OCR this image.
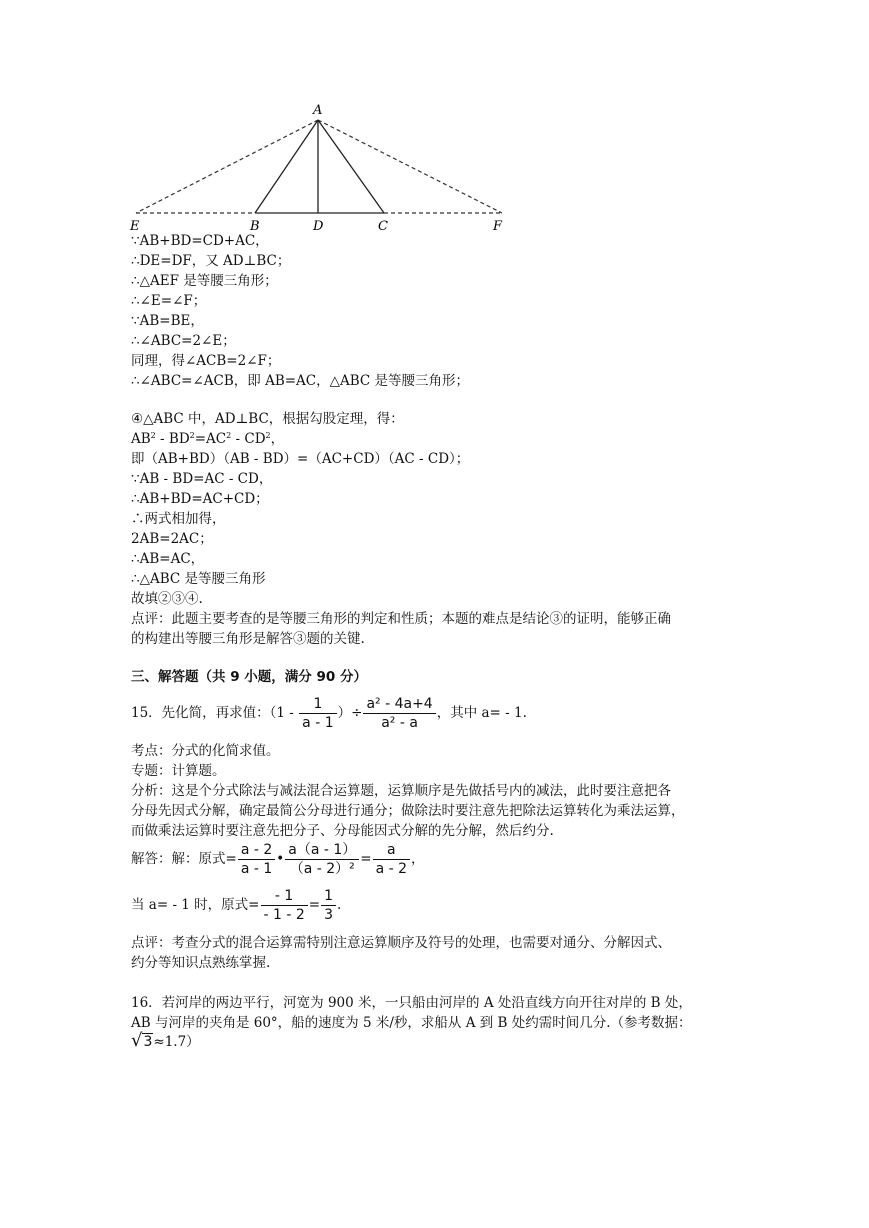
A
B	D	C
E	F
∵AB+BD=CD+AC，
∴DE=DF，又 AD⊥BC；
∴△AEF 是等腰三角形；
∴∠E=∠F；
∵AB=BE，
∴∠ABC=2∠E；
同理，得∠ACB=2∠F；
∴∠ABC=∠ACB，即 AB=AC，△ABC 是等腰三角形；
④△ABC 中，AD⊥BC，根据勾股定理，得：
$AB^2 - BD^2=AC^2 - CD^2$，
即（AB+BD）（AB - BD）=（AC+CD）（AC - CD）；
∵AB - BD=AC - CD，
∴AB+BD=AC+CD；
∴两式相加得，
2AB=2AC；
∴AB=AC，
∴△ABC 是等腰三角形
故填②③④.
点评：此题主要考查的是等腰三角形的判定和性质；本题的难点是结论③的证明，能够正确
的构建出等腰三角形是解答③题的关键.
三、解答题（共 9 小题，满分 90 分）
15．先化简，再求值：（$1 - \frac{1}{a - 1}$ ）÷ $\frac{\text{a² - 4a+4}}{\text{a² - a}}$ ，其中 a= - 1.
考点：分式的化简求值。
专题：计算题。
分析：这是个分式除法与减法混合运算题，运算顺序是先做括号内的减法，此时要注意把各
分母先因式分解，确定最简公分母进行通分；做除法时要注意先把除法运算转化为乘法运算，
而做乘法运算时要注意先把分子、分母能因式分解的先分解，然后约分.
解答：解：原式= $\frac{a - 2}{a - 1}$ • $\frac{a(a - 1)}{\text{（a - 2）²}} = \frac{a}{a - 2}$ ，
当 a= - 1 时，原式= $\frac{- 1}{- 1 - 2} = \frac{1}{3}$ .
点评：考查分式的混合运算需特别注意运算顺序及符号的处理，也需要对通分、分解因式、
约分等知识点熟练掌握.
16．若河岸的两边平行，河宽为 900 米，一只船由河岸的 A 处沿直线方向开往对岸的 B 处，
AB 与河岸的夹角是 60°，船的速度为 5 米/秒，求船从 A 到 B 处约需时间几分.（参考数据：
√3≈1.7）
